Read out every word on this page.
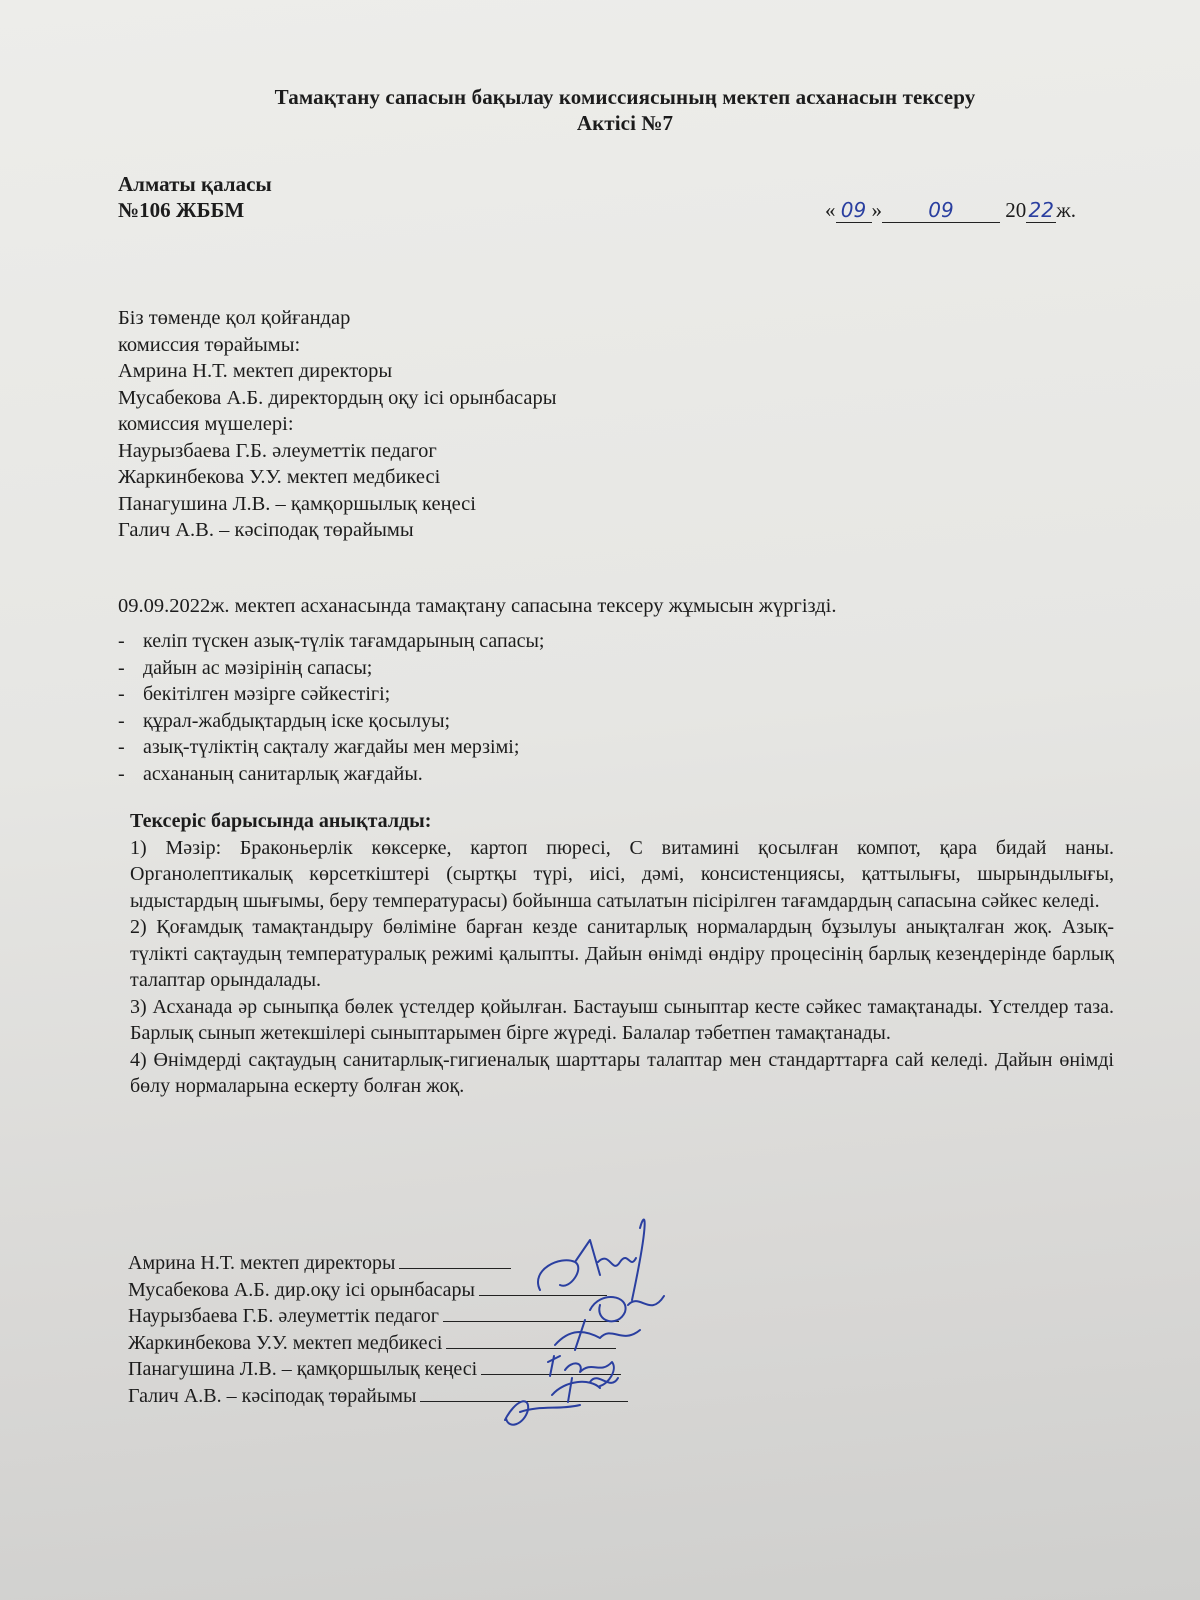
Тамақтану сапасын бақылау комиссиясының мектеп асханасын тексеру
Актісі №7
Алматы қаласы
№106 ЖББМ	« 09 » 09 20 22 ж.
Біз төменде қол қойғандар
комиссия төрайымы:
Амрина Н.Т. мектеп директоры
Мусабекова А.Б. директордың оқу ісі орынбасары
комиссия мүшелері:
Наурызбаева Г.Б. әлеуметтік педагог
Жаркинбекова У.У. мектеп медбикесі
Панагушина Л.В. – қамқоршылық кеңесі
Галич А.В. – кәсіподақ төрайымы
09.09.2022ж. мектеп асханасында тамақтану сапасына тексеру жұмысын жүргізді.
- келіп түскен азық-түлік тағамдарының сапасы;
- дайын ас мәзірінің сапасы;
- бекітілген мәзірге сәйкестігі;
- құрал-жабдықтардың іске қосылуы;
- азық-түліктің сақталу жағдайы мен мерзімі;
- асхананың санитарлық жағдайы.

Тексеріс барысында анықталды:

1) Мәзір: Браконьерлік көксерке, картоп пюресі, С витамині қосылған компот, қара бидай наны. Органолептикалық көрсеткіштері (сыртқы түрі, иісі, дәмі, консистенциясы, қаттылығы, шырындылығы, ыдыстардың шығымы, беру температурасы) бойынша сатылатын пісірілген тағамдардың сапасына сәйкес келеді.

2) Қоғамдық тамақтандыру бөліміне барған кезде санитарлық нормалардың бұзылуы анықталған жоқ. Азық-түлікті сақтаудың температуралық режимі қалыпты. Дайын өнімді өндіру процесінің барлық кезеңдерінде барлық талаптар орындалады.

3) Асханада әр сыныпқа бөлек үстелдер қойылған. Бастауыш сыныптар кесте сәйкес тамақтанады. Үстелдер таза. Барлық сынып жетекшілері сыныптарымен бірге жүреді. Балалар тәбетпен тамақтанады.

4) Өнімдерді сақтаудың санитарлық-гигиеналық шарттары талаптар мен стандарттарға сай келеді. Дайын өнімді бөлу нормаларына ескерту болған жоқ.

Амрина Н.Т. мектеп директоры
Мусабекова А.Б. дир.оқу ісі орынбасары
Наурызбаева Г.Б. әлеуметтік педагог
Жаркинбекова У.У. мектеп медбикесі
Панагушина Л.В. – қамқоршылық кеңесі
Галич А.В. – кәсіподақ төрайымы
